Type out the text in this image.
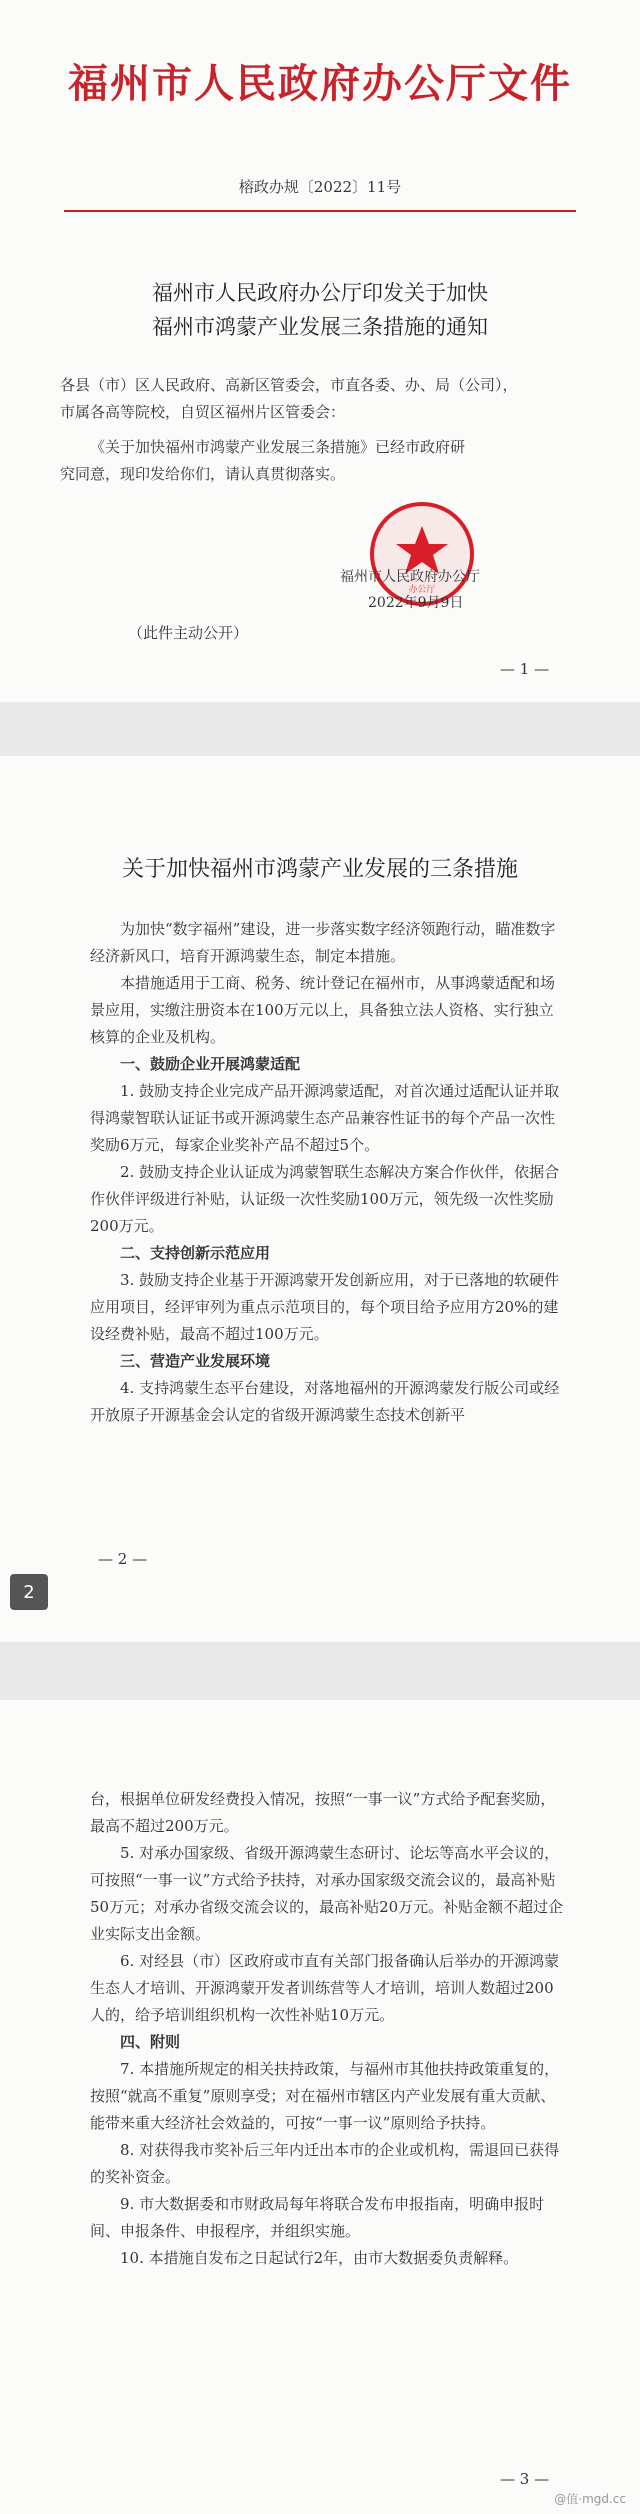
福州市人民政府办公厅文件
榕政办规〔2022〕11号
福州市人民政府办公厅印发关于加快
福州市鸿蒙产业发展三条措施的通知
各县（市）区人民政府、高新区管委会，市直各委、办、局（公司），
市属各高等院校，自贸区福州片区管委会：
《关于加快福州市鸿蒙产业发展三条措施》已经市政府研
究同意，现印发给你们，请认真贯彻落实。
办公厅
福州市人民政府办公厅
2022年9月9日
（此件主动公开）
— 1 —
关于加快福州市鸿蒙产业发展的三条措施

为加快“数字福州”建设，进一步落实数字经济领跑行动，瞄准数字经济新风口，培育开源鸿蒙生态，制定本措施。

本措施适用于工商、税务、统计登记在福州市，从事鸿蒙适配和场景应用，实缴注册资本在100万元以上，具备独立法人资格、实行独立核算的企业及机构。

一、鼓励企业开展鸿蒙适配

1. 鼓励支持企业完成产品开源鸿蒙适配，对首次通过适配认证并取得鸿蒙智联认证证书或开源鸿蒙生态产品兼容性证书的每个产品一次性奖励6万元，每家企业奖补产品不超过5个。

2. 鼓励支持企业认证成为鸿蒙智联生态解决方案合作伙伴，依据合作伙伴评级进行补贴，认证级一次性奖励100万元，领先级一次性奖励200万元。

二、支持创新示范应用

3. 鼓励支持企业基于开源鸿蒙开发创新应用，对于已落地的软硬件应用项目，经评审列为重点示范项目的，每个项目给予应用方20%的建设经费补贴，最高不超过100万元。

三、营造产业发展环境

4. 支持鸿蒙生态平台建设，对落地福州的开源鸿蒙发行版公司或经开放原子开源基金会认定的省级开源鸿蒙生态技术创新平

— 2 —
2

台，根据单位研发经费投入情况，按照“一事一议”方式给予配套奖励，最高不超过200万元。

5. 对承办国家级、省级开源鸿蒙生态研讨、论坛等高水平会议的，可按照“一事一议”方式给予扶持，对承办国家级交流会议的，最高补贴50万元；对承办省级交流会议的，最高补贴20万元。补贴金额不超过企业实际支出金额。

6. 对经县（市）区政府或市直有关部门报备确认后举办的开源鸿蒙生态人才培训、开源鸿蒙开发者训练营等人才培训，培训人数超过200人的，给予培训组织机构一次性补贴10万元。

四、附则

7. 本措施所规定的相关扶持政策，与福州市其他扶持政策重复的，按照“就高不重复”原则享受；对在福州市辖区内产业发展有重大贡献、能带来重大经济社会效益的，可按“一事一议”原则给予扶持。

8. 对获得我市奖补后三年内迁出本市的企业或机构，需退回已获得的奖补资金。

9. 市大数据委和市财政局每年将联合发布申报指南，明确申报时间、申报条件、申报程序，并组织实施。

10. 本措施自发布之日起试行2年，由市大数据委负责解释。

— 3 —
@值·mgd.cc
